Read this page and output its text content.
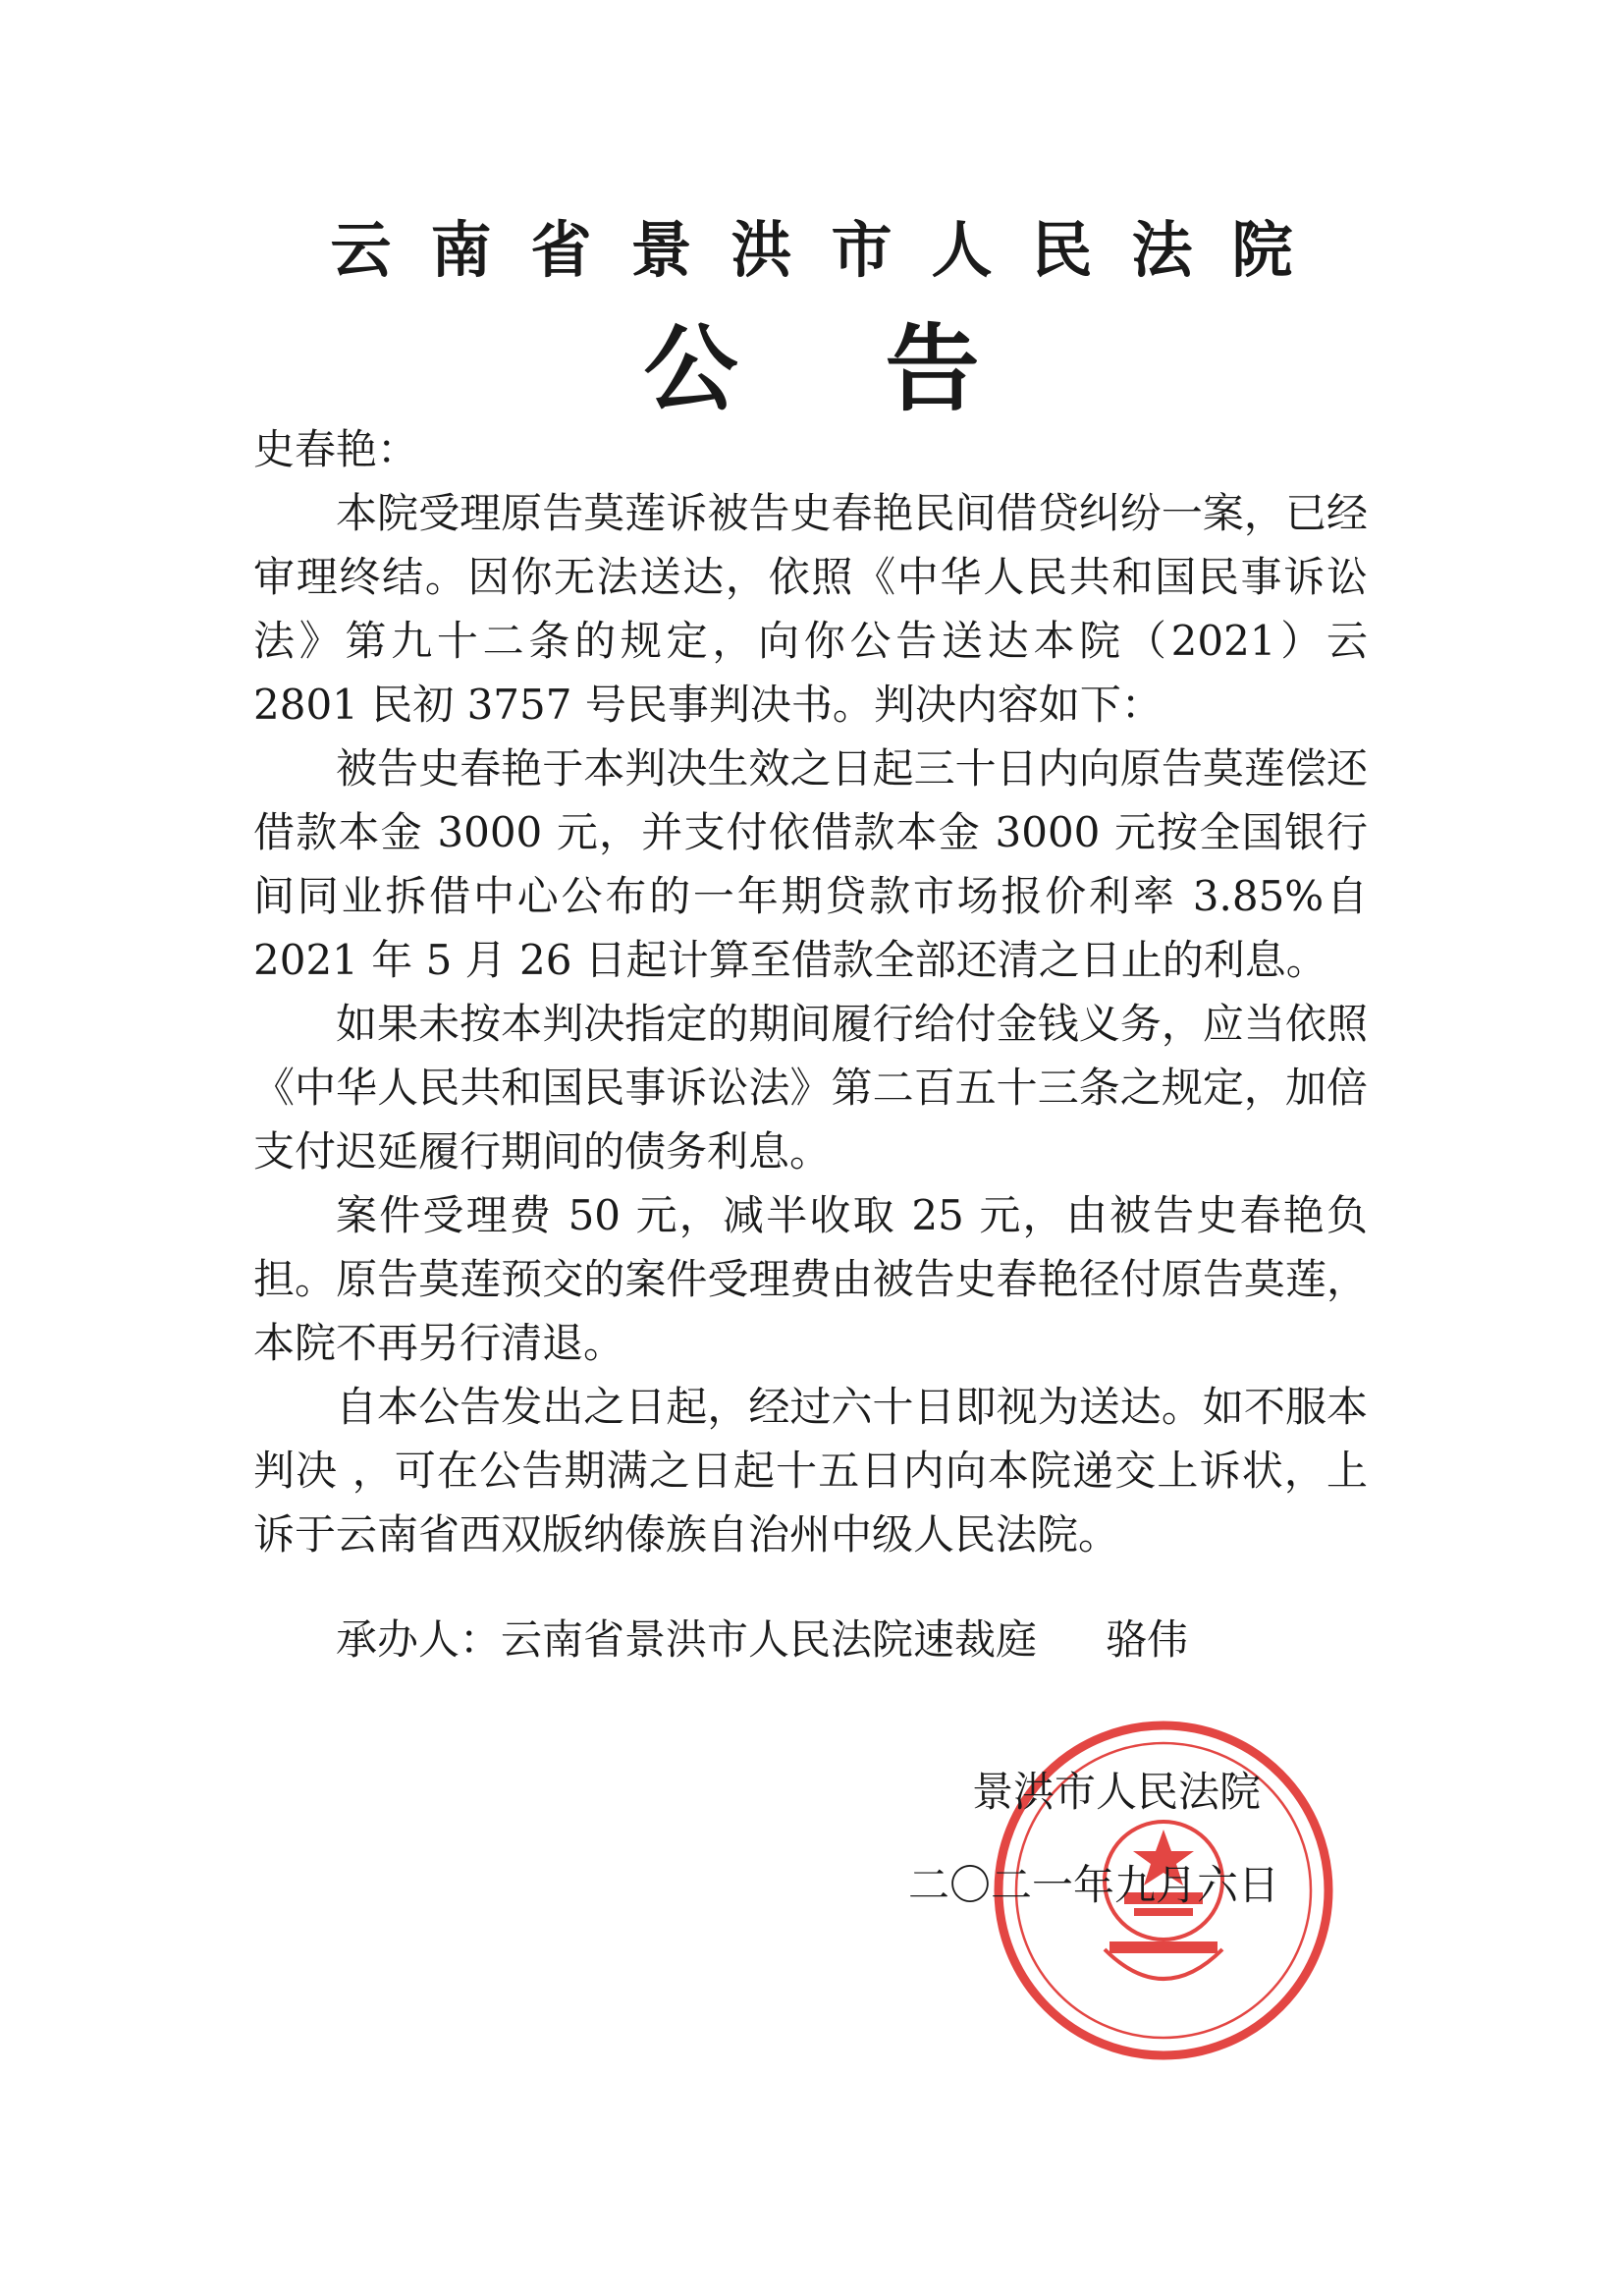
云南省景洪市人民法院
公告

史春艳：

本院受理原告莫莲诉被告史春艳民间借贷纠纷一案，已经审理终结。因你无法送达，依照《中华人民共和国民事诉讼法》第九十二条的规定，向你公告送达本院（2021）云 2801 民初 3757 号民事判决书。判决内容如下：

被告史春艳于本判决生效之日起三十日内向原告莫莲偿还借款本金 3000 元，并支付依借款本金 3000 元按全国银行间同业拆借中心公布的一年期贷款市场报价利率 3.85%自 2021 年 5 月 26 日起计算至借款全部还清之日止的利息。

如果未按本判决指定的期间履行给付金钱义务，应当依照《中华人民共和国民事诉讼法》第二百五十三条之规定，加倍支付迟延履行期间的债务利息。

案件受理费 50 元，减半收取 25 元，由被告史春艳负担。原告莫莲预交的案件受理费由被告史春艳径付原告莫莲，本院不再另行清退。

自本公告发出之日起，经过六十日即视为送达。如不服本判决 ，可在公告期满之日起十五日内向本院递交上诉状，上诉于云南省西双版纳傣族自治州中级人民法院。

承办人：云南省景洪市人民法院速裁庭 骆伟

景洪市人民法院

二〇二一年九月六日
